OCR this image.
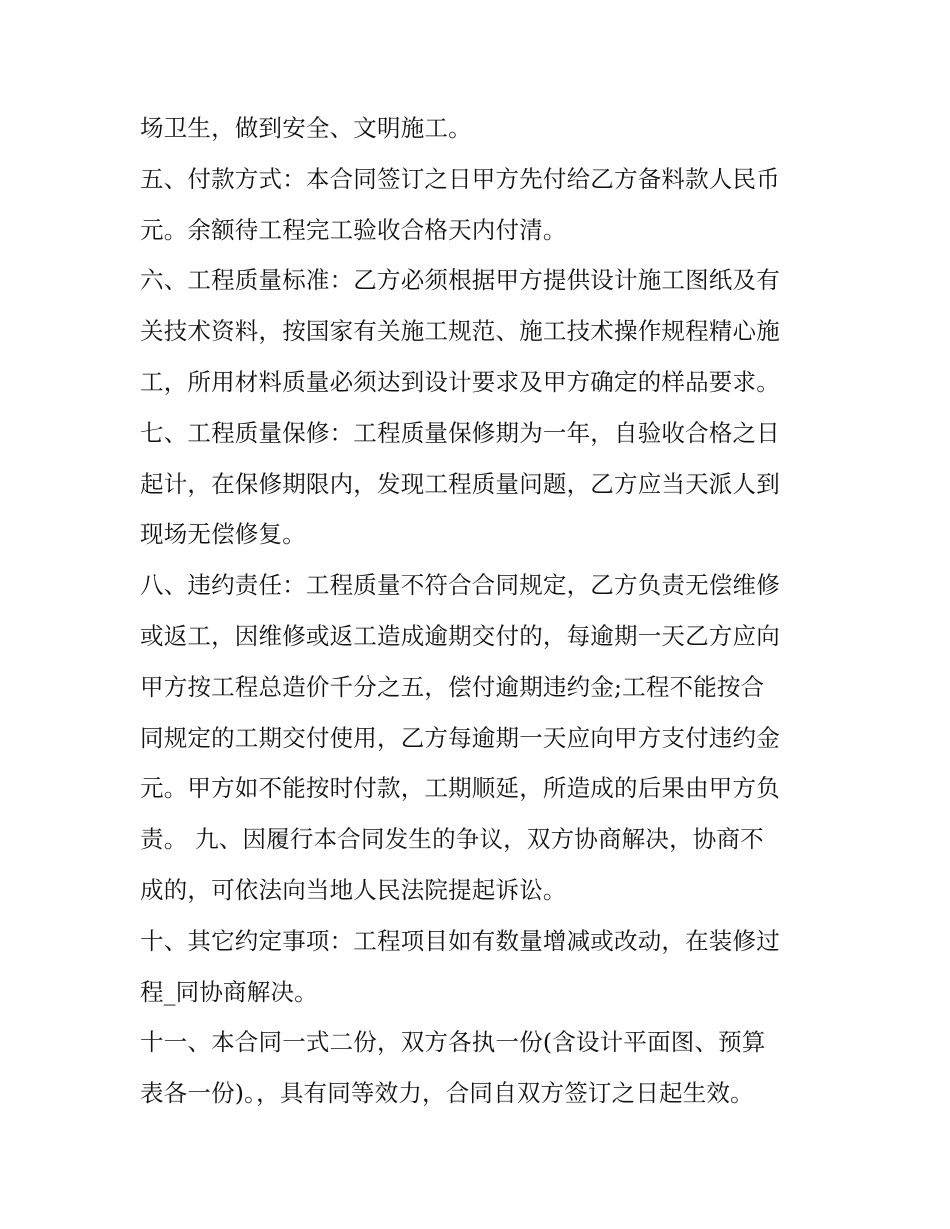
场卫生，做到安全、文明施工。
五、付款方式：本合同签订之日甲方先付给乙方备料款人民币
元。余额待工程完工验收合格天内付清。
六、工程质量标准：乙方必须根据甲方提供设计施工图纸及有
关技术资料，按国家有关施工规范、施工技术操作规程精心施
工，所用材料质量必须达到设计要求及甲方确定的样品要求。
七、工程质量保修：工程质量保修期为一年，自验收合格之日
起计，在保修期限内，发现工程质量问题，乙方应当天派人到
现场无偿修复。
八、违约责任：工程质量不符合合同规定，乙方负责无偿维修
或返工，因维修或返工造成逾期交付的，每逾期一天乙方应向
甲方按工程总造价千分之五，偿付逾期违约金;工程不能按合
同规定的工期交付使用，乙方每逾期一天应向甲方支付违约金
元。甲方如不能按时付款，工期顺延，所造成的后果由甲方负
责。 九、因履行本合同发生的争议，双方协商解决，协商不
成的，可依法向当地人民法院提起诉讼。
十、其它约定事项：工程项目如有数量增减或改动，在装修过
程_同协商解决。
十一、本合同一式二份，双方各执一份(含设计平面图、预算
表各一份)。，具有同等效力，合同自双方签订之日起生效。
